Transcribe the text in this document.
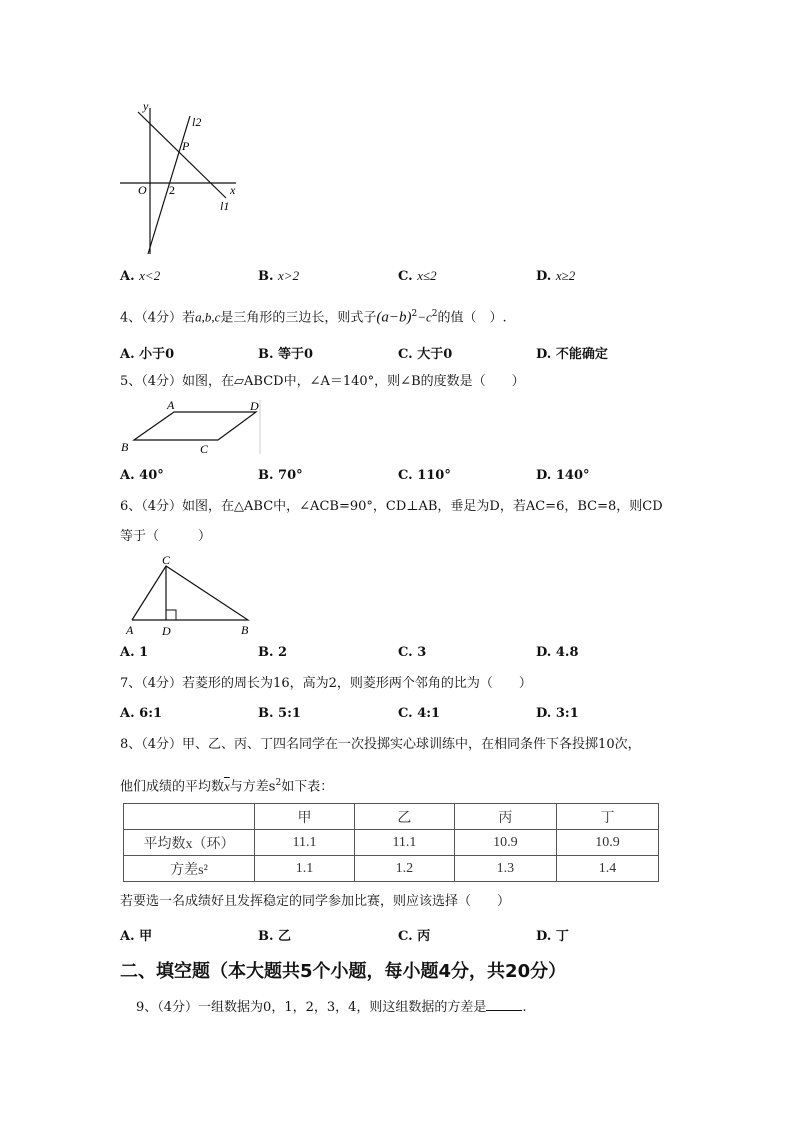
y
x
O 2
P
l1
l2
A. x<2	B. x>2	C. x≤2	D. x≥2
4、（4分）若a,b,c是三角形的三边长，则式子$(a-b)^2-c^2$的值（　）.
A. 小于0	B. 等于0	C. 大于0	D. 不能确定
5、（4分）如图，在▱ABCD中，∠A＝140°，则∠B的度数是（　　）
A	D
B	C
A. 40°	B. 70°	C. 110°	D. 140°
6、（4分）如图，在△ABC中，∠ACB=90°，CD⊥AB，垂足为D，若AC=6，BC=8，则CD
等于（　　　）
C
A D	B
A. 1	B. 2	C. 3	D. 4.8
7、（4分）若菱形的周长为16，高为2，则菱形两个邻角的比为（　　）
A. 6:1	B. 5:1	C. 4:1	D. 3:1
8、（4分）甲、乙、丙、丁四名同学在一次投掷实心球训练中，在相同条件下各投掷10次，
他们成绩的平均数$\overline{x}$与方差$s^2$如下表：
	甲	乙	丙	丁
平均数x（环）	11.1	11.1	10.9	10.9
方差s²	1.1	1.2	1.3	1.4
若要选一名成绩好且发挥稳定的同学参加比赛，则应该选择（　　）
A. 甲	B. 乙	C. 丙	D. 丁
二、填空题（本大题共5个小题，每小题4分，共20分）
9、（4分）一组数据为0，1，2，3，4，则这组数据的方差是	.
